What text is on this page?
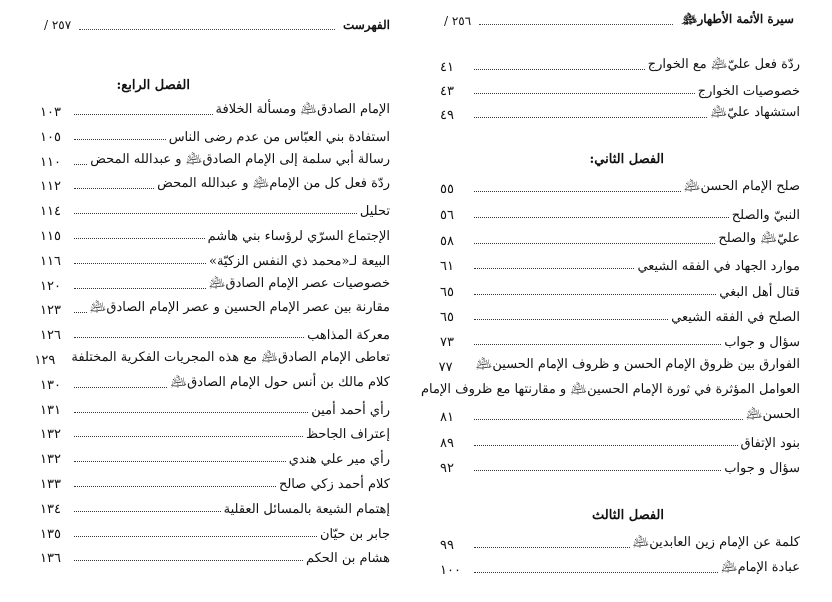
الفهرست
٢٥٧ /
الفصل الرابع:
الإمام الصادق﵇ ومسألة الخلافة
١٠٣
استفادة بني العبّاس من عدم رضى الناس
١٠٥
رسالة أبي سلمة إلى الإمام الصادق﵇ و عبدالله المحض
١١٠
ردّة فعل كل من الإمام﵇ و عبدالله المحض
١١٢
تحليل
١١٤
الإجتماع السرّي لرؤساء بني هاشم
١١٥
البيعة لـ«محمد ذي النفس الزكيّة»
١١٦
خصوصيات عصر الإمام الصادق﵇
١٢٠
مقارنة بين عصر الإمام الحسين و عصر الإمام الصادق﵇
١٢٣
معركة المذاهب
١٢٦
تعاطى الإمام الصادق﵇ مع هذه المجريات الفكرية المختلفة
١٢٩
كلام مالك بن أنس حول الإمام الصادق﵇
١٣٠
رأي أحمد أمين
١٣١
إعتراف الجاحظ
١٣٢
رأي مير علي هندي
١٣٢
كلام أحمد زكي صالح
١٣٣
إهتمام الشيعة بالمسائل العقلية
١٣٤
جابر بن حيّان
١٣٥
هشام بن الحكم
١٣٦
سيرة الأئمة الأطهار﵈
٢٥٦ /
الفصل الثاني:
العوامل المؤثرة في ثورة الإمام الحسين﵇ و مقارنتها مع ظروف الإمام
الفصل الثالث
ردّة فعل عليّ﵇ مع الخوارج
٤١
خصوصيات الخوارج
٤٣
استشهاد عليّ﵇
٤٩
صلح الإمام الحسن﵇
٥٥
النبيّ والصلح
٥٦
عليّ﵇ والصلح
٥٨
موارد الجهاد في الفقه الشيعي
٦١
قتال أهل البغي
٦٥
الصلح في الفقه الشيعي
٦٥
سؤال و جواب
٧٣
الفوارق بين ظروق الإمام الحسن و ظروف الإمام الحسين﵇
٧٧
الحسن﵇
٨١
بنود الإتفاق
٨٩
سؤال و جواب
٩٢
كلمة عن الإمام زين العابدين﵇
٩٩
عبادة الإمام﵇
١٠٠
